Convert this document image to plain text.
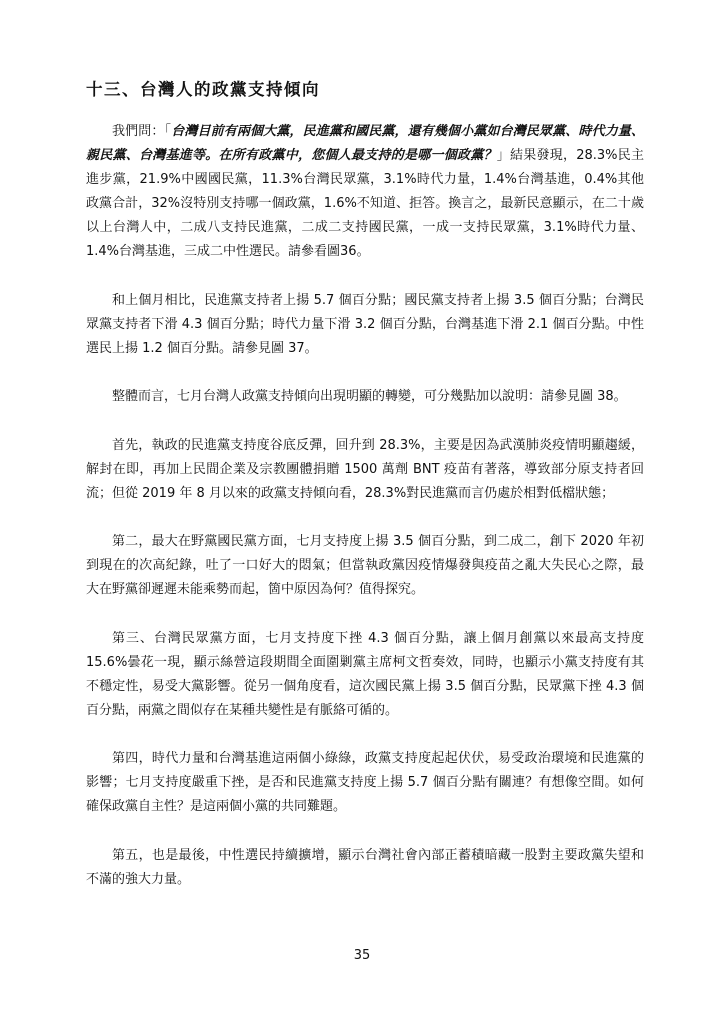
十三、台灣人的政黨支持傾向

我們問：「台灣目前有兩個大黨，民進黨和國民黨，還有幾個小黨如台灣民眾黨、時代力量、親民黨、台灣基進等。在所有政黨中，您個人最支持的是哪一個政黨？」結果發現，28.3%民主進步黨，21.9%中國國民黨，11.3%台灣民眾黨，3.1%時代力量，1.4%台灣基進，0.4%其他政黨合計，32%沒特別支持哪一個政黨，1.6%不知道、拒答。換言之，最新民意顯示，在二十歲以上台灣人中，二成八支持民進黨，二成二支持國民黨，一成一支持民眾黨，3.1%時代力量、1.4%台灣基進，三成二中性選民。請參看圖36。

和上個月相比，民進黨支持者上揚 5.7 個百分點；國民黨支持者上揚 3.5 個百分點；台灣民眾黨支持者下滑 4.3 個百分點；時代力量下滑 3.2 個百分點，台灣基進下滑 2.1 個百分點。中性選民上揚 1.2 個百分點。請參見圖 37。

整體而言，七月台灣人政黨支持傾向出現明顯的轉變，可分幾點加以說明：請參見圖 38。

首先，執政的民進黨支持度谷底反彈，回升到 28.3%，主要是因為武漢肺炎疫情明顯趨緩，解封在即，再加上民間企業及宗教團體捐贈 1500 萬劑 BNT 疫苗有著落，導致部分原支持者回流；但從 2019 年 8 月以來的政黨支持傾向看，28.3%對民進黨而言仍處於相對低檔狀態；

第二，最大在野黨國民黨方面，七月支持度上揚 3.5 個百分點，到二成二，創下 2020 年初到現在的次高紀錄，吐了一口好大的悶氣；但當執政黨因疫情爆發與疫苗之亂大失民心之際，最大在野黨卻遲遲未能乘勢而起，箇中原因為何？值得探究。

第三、台灣民眾黨方面，七月支持度下挫 4.3 個百分點，讓上個月創黨以來最高支持度 15.6%曇花一現，顯示絲營這段期間全面圍剿黨主席柯文哲奏效，同時，也顯示小黨支持度有其不穩定性，易受大黨影響。從另一個角度看，這次國民黨上揚 3.5 個百分點，民眾黨下挫 4.3 個百分點，兩黨之間似存在某種共變性是有脈絡可循的。

第四，時代力量和台灣基進這兩個小綠綠，政黨支持度起起伏伏，易受政治環境和民進黨的影響；七月支持度嚴重下挫，是否和民進黨支持度上揚 5.7 個百分點有關連？有想像空間。如何確保政黨自主性？是這兩個小黨的共同難題。

第五，也是最後，中性選民持續擴增，顯示台灣社會內部正蓄積暗藏一股對主要政黨失望和不滿的強大力量。

35
